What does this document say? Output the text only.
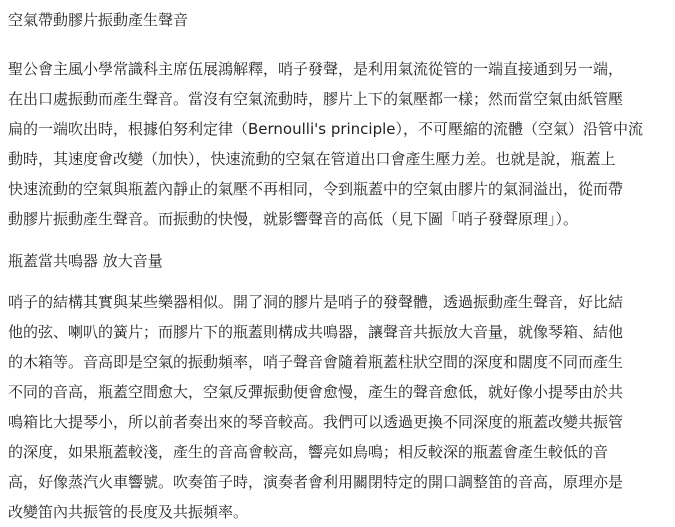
空氣帶動膠片振動產生聲音
聖公會主風小學常識科主席伍展鴻解釋，哨子發聲，是利用氣流從管的一端直接通到另一端，
在出口處振動而產生聲音。當沒有空氣流動時，膠片上下的氣壓都一樣；然而當空氣由紙管壓
扁的一端吹出時，根據伯努利定律（Bernoulli's principle），不可壓縮的流體（空氣）沿管中流
動時，其速度會改變（加快），快速流動的空氣在管道出口會產生壓力差。也就是說，瓶蓋上
快速流動的空氣與瓶蓋內靜止的氣壓不再相同，令到瓶蓋中的空氣由膠片的氣洞溢出，從而帶
動膠片振動產生聲音。而振動的快慢，就影響聲音的高低（見下圖「哨子發聲原理」）。
瓶蓋當共鳴器 放大音量
哨子的結構其實與某些樂器相似。開了洞的膠片是哨子的發聲體，透過振動產生聲音，好比結
他的弦、喇叭的簧片；而膠片下的瓶蓋則構成共鳴器，讓聲音共振放大音量，就像琴箱、結他
的木箱等。音高即是空氣的振動頻率，哨子聲音會隨着瓶蓋柱狀空間的深度和闊度不同而產生
不同的音高，瓶蓋空間愈大，空氣反彈振動便會愈慢，產生的聲音愈低，就好像小提琴由於共
鳴箱比大提琴小，所以前者奏出來的琴音較高。我們可以透過更換不同深度的瓶蓋改變共振管
的深度，如果瓶蓋較淺，產生的音高會較高，響亮如鳥鳴；相反較深的瓶蓋會產生較低的音
高，好像蒸汽火車響號。吹奏笛子時，演奏者會利用關閉特定的開口調整笛的音高，原理亦是
改變笛內共振管的長度及共振頻率。
